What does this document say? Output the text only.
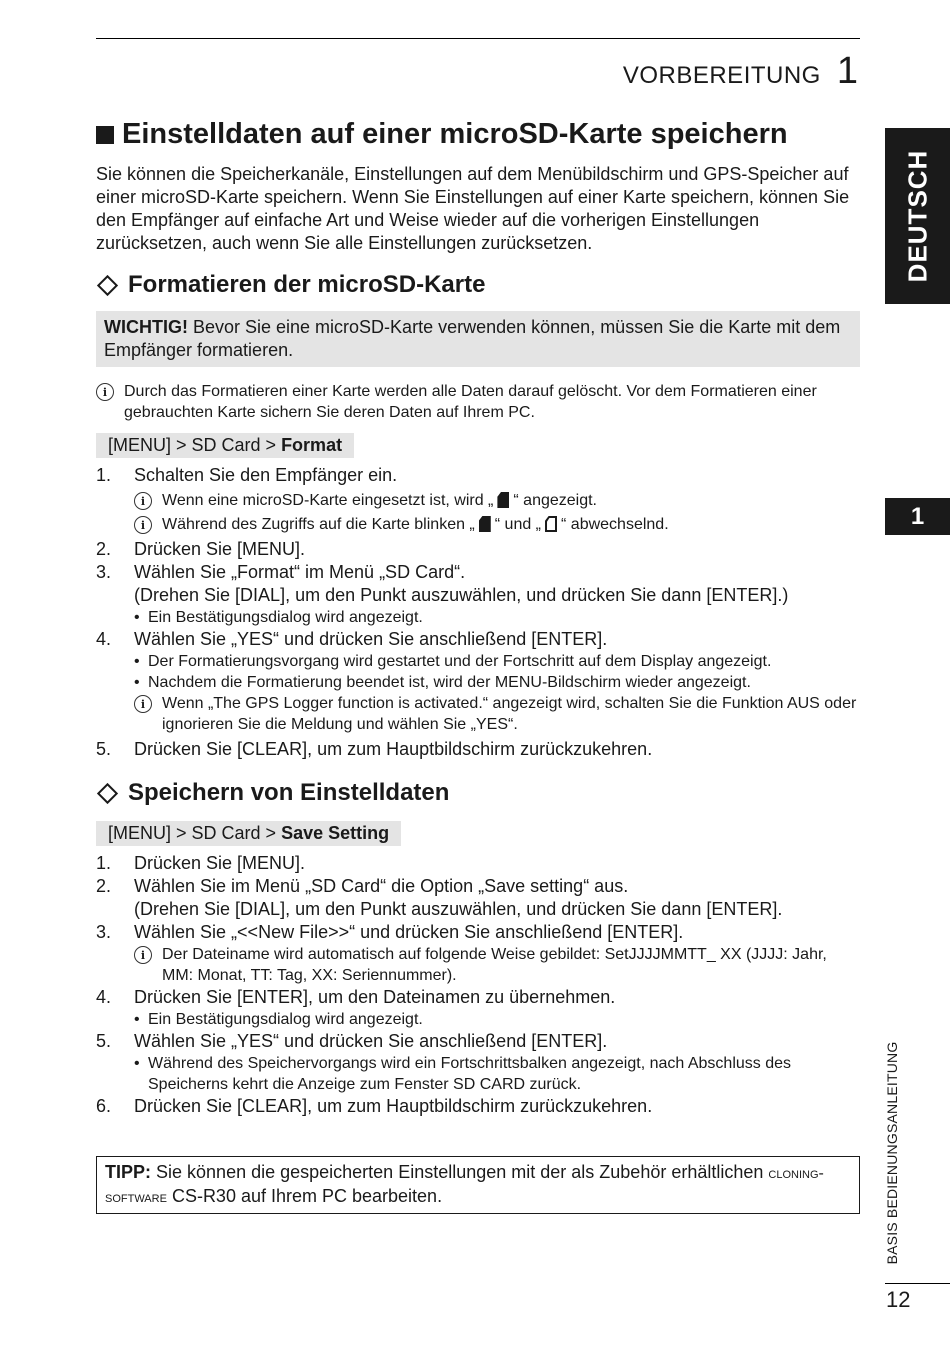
VORBEREITUNG 1
DEUTSCH
1
BASIS BEDIENUNGSANLEITUNG
12
Einstelldaten auf einer microSD-Karte speichern

Sie können die Speicherkanäle, Einstellungen auf dem Menübildschirm und GPS-Speicher auf einer microSD-Karte speichern. Wenn Sie Einstellungen auf einer Karte speichern, können Sie den Empfänger auf einfache Art und Weise wieder auf die vorherigen Einstellungen zurücksetzen, auch wenn Sie alle Einstellungen zurücksetzen.

Formatieren der microSD-Karte
WICHTIG! Bevor Sie eine microSD-Karte verwenden können, müssen Sie die Karte mit dem Empfänger formatieren.
i	Durch das Formatieren einer Karte werden alle Daten darauf gelöscht. Vor dem Formatieren einer gebrauchten Karte sichern Sie deren Daten auf Ihrem PC.
[MENU] > SD Card > Format
1.	Schalten Sie den Empfänger ein.
i	Wenn eine microSD-Karte eingesetzt ist, wird „ “ angezeigt.
i	Während des Zugriffs auf die Karte blinken „ “ und „ “ abwechselnd.
2.	Drücken Sie [MENU].
3.	Wählen Sie „Format“ im Menü „SD Card“.
(Drehen Sie [DIAL], um den Punkt auszuwählen, und drücken Sie dann [ENTER].)
• Ein Bestätigungsdialog wird angezeigt.
4.	Wählen Sie „YES“ und drücken Sie anschließend [ENTER].
• Der Formatierungsvorgang wird gestartet und der Fortschritt auf dem Display angezeigt.
• Nachdem die Formatierung beendet ist, wird der MENU-Bildschirm wieder angezeigt.
i	Wenn „The GPS Logger function is activated.“ angezeigt wird, schalten Sie die Funktion AUS oder ignorieren Sie die Meldung und wählen Sie „YES“.
5.	Drücken Sie [CLEAR], um zum Hauptbildschirm zurückzukehren.
Speichern von Einstelldaten
[MENU] > SD Card > Save Setting
1.	Drücken Sie [MENU].
2.	Wählen Sie im Menü „SD Card“ die Option „Save setting“ aus.
(Drehen Sie [DIAL], um den Punkt auszuwählen, und drücken Sie dann [ENTER].
3.	Wählen Sie „<<New File>>“ und drücken Sie anschließend [ENTER].
i	Der Dateiname wird automatisch auf folgende Weise gebildet: SetJJJJMMTT_ XX (JJJJ: Jahr, MM: Monat, TT: Tag, XX: Seriennummer).
4.	Drücken Sie [ENTER], um den Dateinamen zu übernehmen.
• Ein Bestätigungsdialog wird angezeigt.
5.	Wählen Sie „YES“ und drücken Sie anschließend [ENTER].
• Während des Speichervorgangs wird ein Fortschrittsbalken angezeigt, nach Abschluss des Speicherns kehrt die Anzeige zum Fenster SD CARD zurück.
6.	Drücken Sie [CLEAR], um zum Hauptbildschirm zurückzukehren.
TIPP: Sie können die gespeicherten Einstellungen mit der als Zubehör erhältlichen cloning-software CS-R30 auf Ihrem PC bearbeiten.
